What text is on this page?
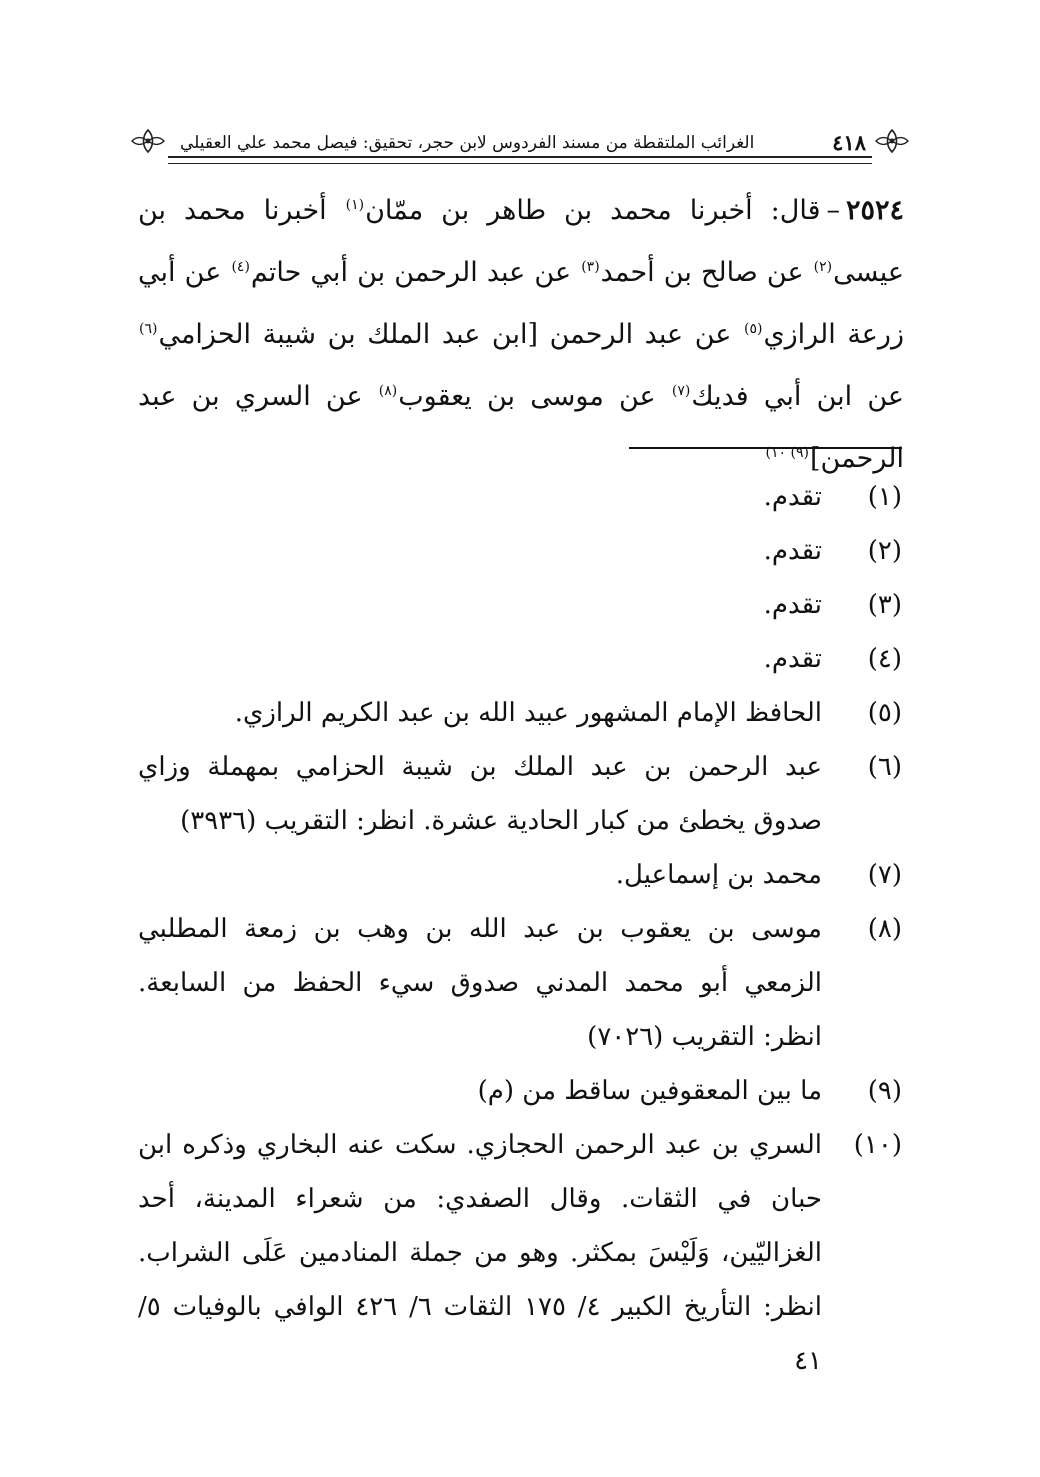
٤١٨
الغرائب الملتقطة من مسند الفردوس لابن حجر، تحقيق: فيصل محمد علي العقيلي

٢٥٢٤–قال: أخبرنا محمد بن طاهر بن ممّان$^{(١)}$ أخبرنا محمد بن عيسى$^{(٢)}$ عن صالح بن أحمد$^{(٣)}$ عن عبد الرحمن بن أبي حاتم$^{(٤)}$ عن أبي زرعة الرازي$^{(٥)}$ عن عبد الرحمن [ابن عبد الملك بن شيبة الحزامي$^{(٦)}$ عن ابن أبي فديك$^{(٧)}$ عن موسى بن يعقوب$^{(٨)}$ عن السري بن عبد الرحمن]$^{(٩) ١٠)}$

(١)
تقدم.
(٢)
تقدم.
(٣)
تقدم.
(٤)
تقدم.
(٥)
الحافظ الإمام المشهور عبيد الله بن عبد الكريم الرازي.
(٦)
عبد الرحمن بن عبد الملك بن شيبة الحزامي بمهملة وزاي صدوق يخطئ من كبار الحادية عشرة. انظر: التقريب (٣٩٣٦)
(٧)
محمد بن إسماعيل.
(٨)
موسى بن يعقوب بن عبد الله بن وهب بن زمعة المطلبي الزمعي أبو محمد المدني صدوق سيء الحفظ من السابعة. انظر: التقريب (٧٠٢٦)
(٩)
ما بين المعقوفين ساقط من (م)
(١٠)
السري بن عبد الرحمن الحجازي. سكت عنه البخاري وذكره ابن حبان في الثقات. وقال الصفدي: من شعراء المدينة، أحد الغزاليّين، وَلَيْسَ بمكثر. وهو من جملة المنادمين عَلَى الشراب. انظر: التأريخ الكبير ٤/ ١٧٥ الثقات ٦/ ٤٢٦ الوافي بالوفيات ٥/ ٤١
